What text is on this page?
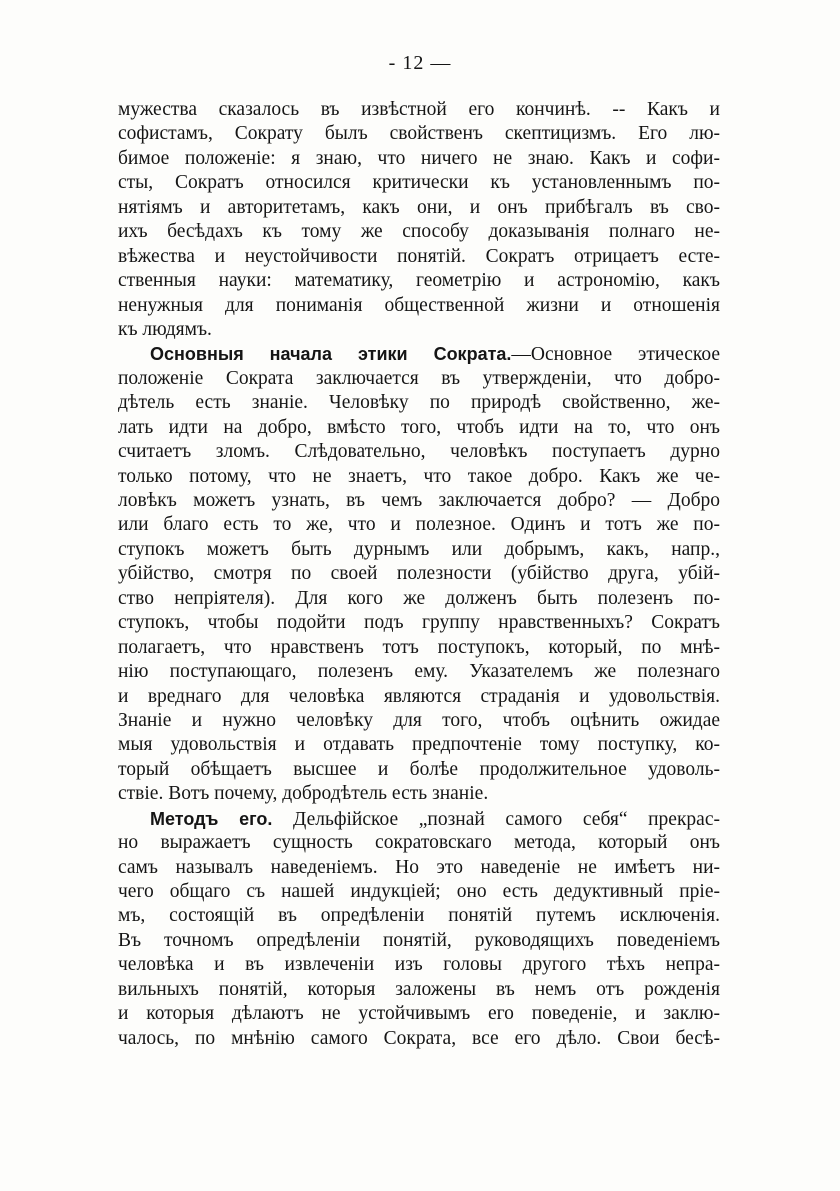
- 12 —
мужества сказалось въ извѣстной его кончинѣ. -- Какъ и
софистамъ, Сократу былъ свойственъ скептицизмъ. Его лю-
бимое положеніе: я знаю, что ничего не знаю. Какъ и софи-
сты, Сократъ относился критически къ установленнымъ по-
нятіямъ и авторитетамъ, какъ они, и онъ прибѣгалъ въ сво-
ихъ бесѣдахъ къ тому же способу доказыванія полнаго не-
вѣжества и неустойчивости понятій. Сократъ отрицаетъ есте-
ственныя науки: математику, геометрію и астрономію, какъ
ненужныя для пониманія общественной жизни и отношенія
къ людямъ.
Основныя начала этики Сократа.—Основное этическое
положеніе Сократа заключается въ утвержденіи, что добро-
дѣтель есть знаніе. Человѣку по природѣ свойственно, же-
лать идти на добро, вмѣсто того, чтобъ идти на то, что онъ
считаетъ зломъ. Слѣдовательно, человѣкъ поступаетъ дурно
только потому, что не знаетъ, что такое добро. Какъ же че-
ловѣкъ можетъ узнать, въ чемъ заключается добро? — Добро
или благо есть то же, что и полезное. Одинъ и тотъ же по-
ступокъ можетъ быть дурнымъ или добрымъ, какъ, напр.,
убійство, смотря по своей полезности (убійство друга, убій-
ство непріятеля). Для кого же долженъ быть полезенъ по-
ступокъ, чтобы подойти подъ группу нравственныхъ? Сократъ
полагаетъ, что нравственъ тотъ поступокъ, который, по мнѣ-
нію поступающаго, полезенъ ему. Указателемъ же полезнаго
и вреднаго для человѣка являются страданія и удовольствія.
Знаніе и нужно человѣку для того, чтобъ оцѣнить ожидае
мыя удовольствія и отдавать предпочтеніе тому поступку, ко-
торый обѣщаетъ высшее и болѣе продолжительное удоволь-
ствіе. Вотъ почему, добродѣтель есть знаніе.
Методъ его. Дельфійское „познай самого себя“ прекрас-
но выражаетъ сущность сократовскаго метода, который онъ
самъ называлъ наведеніемъ. Но это наведеніе не имѣетъ ни-
чего общаго съ нашей индукціей; оно есть дедуктивный пріе-
мъ, состоящій въ опредѣленіи понятій путемъ исключенія.
Въ точномъ опредѣленіи понятій, руководящихъ поведеніемъ
человѣка и въ извлеченіи изъ головы другого тѣхъ непра-
вильныхъ понятій, которыя заложены въ немъ отъ рожденія
и которыя дѣлаютъ не устойчивымъ его поведеніе, и заклю-
чалось, по мнѣнію самого Сократа, все его дѣло. Свои бесѣ-
